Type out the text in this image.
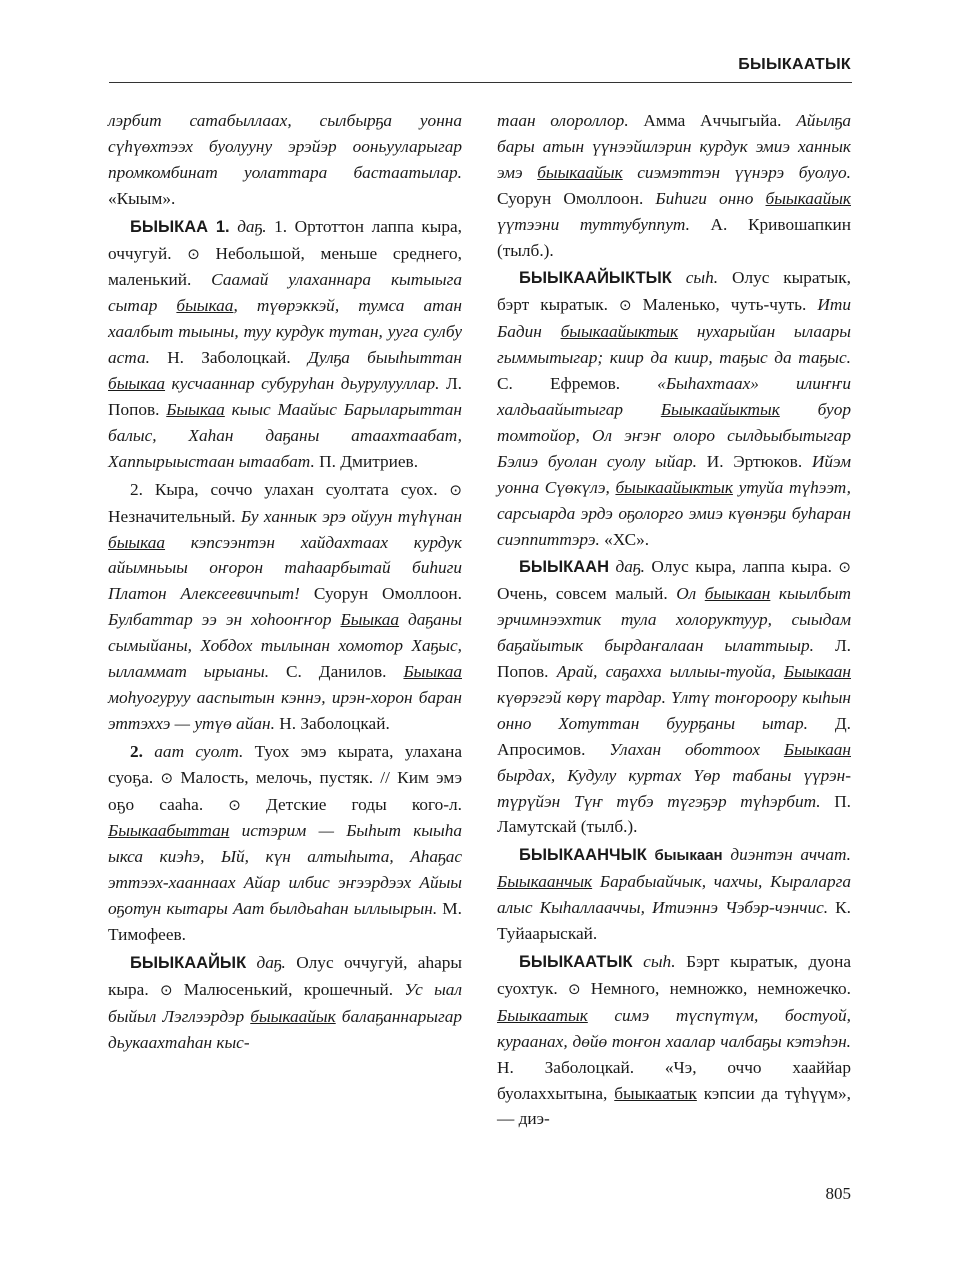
БЫЫКААТЫК

лэрбит сатабыллаах, сылбырҕа уонна сүһүөхтээх буолууну эрэйэр ооньууларыгар промкомбинат уолаттара бастаатылар. «Кыым».

БЫЫКАА 1. даҕ. 1. Ортоттон лаппа кыра, оччугуй. ⊙ Небольшой, меньше среднего, маленький. Саамай улаханнара кытыыга сытар быыкаа, түөрэккэй, тумса атан хаалбыт тыыны, туу курдук тутан, ууга сулбу аста. Н. Заболоцкай. Дулҕа быыһыттан быыкаа кусчааннар субуруһан дьурулууллар. Л. Попов. Быыкаа кыыс Маайыс Барыларыттан балыс, Хаһан даҕаны атаахтаабат, Хаппырыыстаан ытаабат. П. Дмитриев.

2. Кыра, соччо улахан суолтата суох. ⊙ Незначительный. Бу ханнык эрэ ойуун түһүнан быыкаа кэпсээнтэн хайдахтаах курдук айымньыы оҥорон таһаарбытай биһиги Платон Алексеевичпыт! Суорун Омоллоон. Булбаттар ээ эн хоһооҥҥор Быыкаа даҕаны сымыйаны, Хобдох тылынан хомотор Хаҕыс, ылламмат ырыаны. С. Данилов. Быыкаа моһуогуруу ааспытын кэннэ, ирэн-хорон баран эттэххэ — утүө айан. Н. Заболоцкай.

2. аат суолт. Туох эмэ кырата, улахана суоҕа. ⊙ Малость, мелочь, пустяк. // Ким эмэ оҕо сааһа. ⊙ Детские годы кого-л. Быыкаабыттан истэрим — Быһыт кыыһа ыкса киэһэ, Ый, күн алтыһыта, Аһаҕас эттээх-хааннаах Айар илбис эҥээрдээх Айыы оҕотун кытары Аат былдьаһан ыллыырын. М. Тимофеев.

БЫЫКААЙЫК даҕ. Олус оччугуй, аһары кыра. ⊙ Малюсенький, крошечный. Ус ыал быйыл Лэглээрдэр быыкаайык балаҕаннарыгар дьукаахтаһан кыс-

таан олороллор. Амма Аччыгыйа. Айылҕа бары атын үүнээйилэрин курдук эмиэ ханнык эмэ быыкаайык сиэмэттэн үүнэрэ буолуо. Суорун Омоллоон. Биһиги онно быыкаайык үүтээни туттубуппут. А. Кривошапкин (тылб.).

БЫЫКААЙЫКТЫК сыһ. Олус кыратык, бэрт кыратык. ⊙ Маленько, чуть-чуть. Ити Бадин быыкаайыктык нухарыйан ылаары гыммытыгар; киир да киир, таҕыс да таҕыс. С. Ефремов. «Быһахтаах» илиҥҥи халдьаайытыгар Быыкаайыктык буор томтойор, Ол эҥэҥ олоро сылдьыбытыгар Бэлиэ буолан суолу ыйар. И. Эртюков. Ийэм уонна Сүөкүлэ, быыкаайыктык утуйа түһээт, сарсыарда эрдэ оҕолорго эмиэ күөнэҕи буһаран сиэппиттэрэ. «ХС».

БЫЫКААН даҕ. Олус кыра, лаппа кыра. ⊙ Очень, совсем малый. Ол быыкаан кыылбыт эрчимнээхтик тула холоруктуур, сыыдам баҕайытык бырдаҥалаан ылаттыыр. Л. Попов. Арай, саҕахха ыллыы-туойа, Быыкаан күөрэгэй көрү тардар. Үлтү тоҥороору кыһын онно Хотуттан буурҕаны ытар. Д. Апросимов. Улахан оботтоох Быыкаан бырдах, Кудулу куртах Үөр табаны үүрэн-түрүйэн Түҥ түбэ түгэҕэр түһэрбит. П. Ламутскай (тылб.).

БЫЫКААНЧЫК быыкаан диэнтэн аччат. Быыкаанчык Барабыайчык, чахчы, Кыраларга алыс Кыһаллааччы, Итиэннэ Чэбэр-чэнчис. К. Туйаарыскай.

БЫЫКААТЫК сыһ. Бэрт кыратык, дуона суохтук. ⊙ Немного, немножко, немножечко. Быыкаатык симэ түспүтүм, бостуой, кураанах, дөйө тоҥон хаалар чалбаҕы кэтэһэн. Н. Заболоцкай. «Чэ, оччо хааййар буолаххытына, быыкаатык кэпсии да түһүүм», — диэ-

805
